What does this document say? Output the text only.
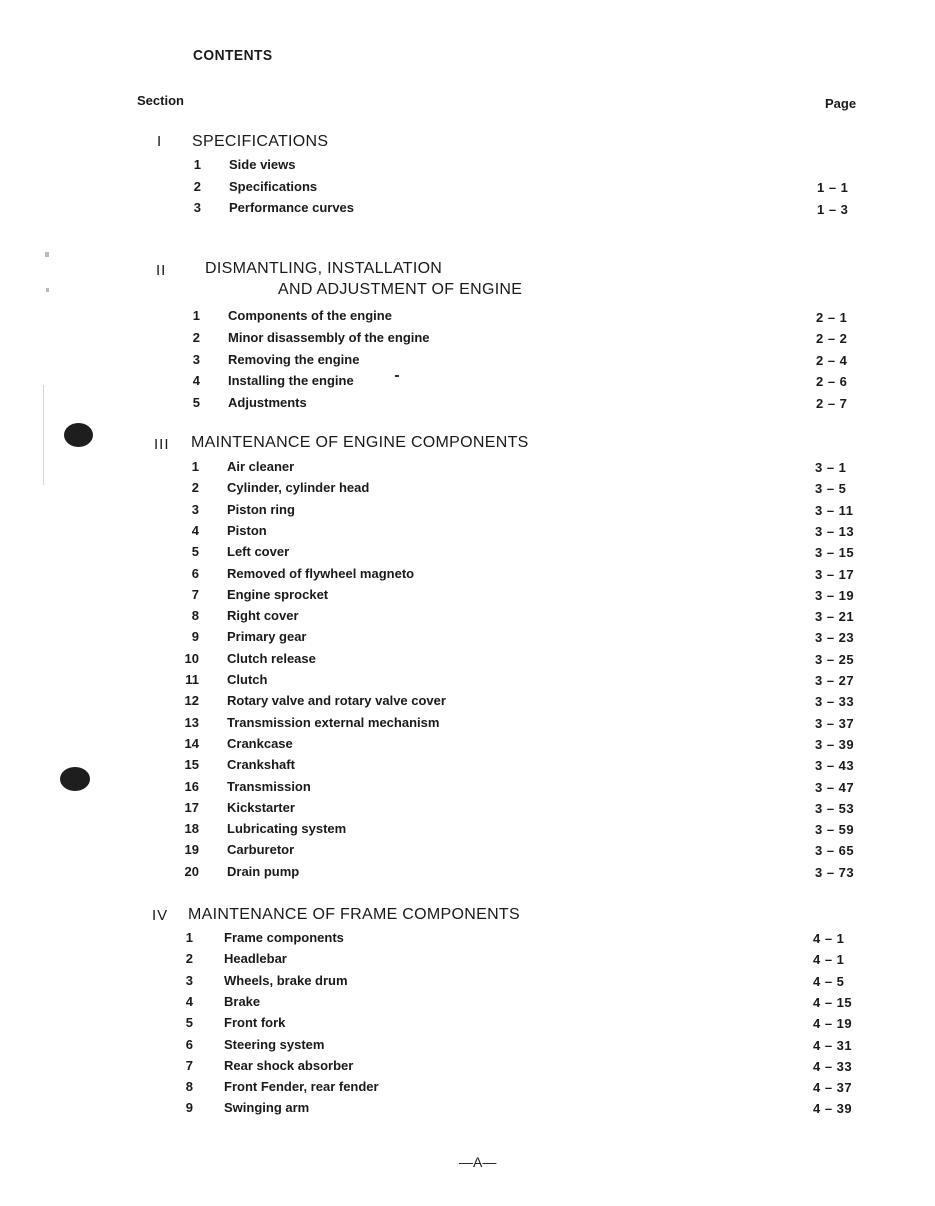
CONTENTS
Section	Page
I SPECIFICATIONS
1 Side views
2 Specifications	1 – 1
3 Performance curves	1 – 3
II DISMANTLING, INSTALLATION
AND ADJUSTMENT OF ENGINE
1 Components of the engine	2 – 1
2 Minor disassembly of the engine	2 – 2
3 Removing the engine	2 – 4
4 Installing the engine	2 – 6
5 Adjustments	2 – 7
III MAINTENANCE OF ENGINE COMPONENTS
1 Air cleaner	3 – 1
2 Cylinder, cylinder head	3 – 5
3 Piston ring	3 – 11
4 Piston	3 – 13
5 Left cover	3 – 15
6 Removed of flywheel magneto	3 – 17
7 Engine sprocket	3 – 19
8 Right cover	3 – 21
9 Primary gear	3 – 23
10 Clutch release	3 – 25
11 Clutch	3 – 27
12 Rotary valve and rotary valve cover	3 – 33
13 Transmission external mechanism	3 – 37
14 Crankcase	3 – 39
15 Crankshaft	3 – 43
16 Transmission	3 – 47
17 Kickstarter	3 – 53
18 Lubricating system	3 – 59
19 Carburetor	3 – 65
20 Drain pump	3 – 73
IV MAINTENANCE OF FRAME COMPONENTS
1 Frame components	4 – 1
2 Headlebar	4 – 1
3 Wheels, brake drum	4 – 5
4 Brake	4 – 15
5 Front fork	4 – 19
6 Steering system	4 – 31
7 Rear shock absorber	4 – 33
8 Front Fender, rear fender	4 – 37
9 Swinging arm	4 – 39
—A—
